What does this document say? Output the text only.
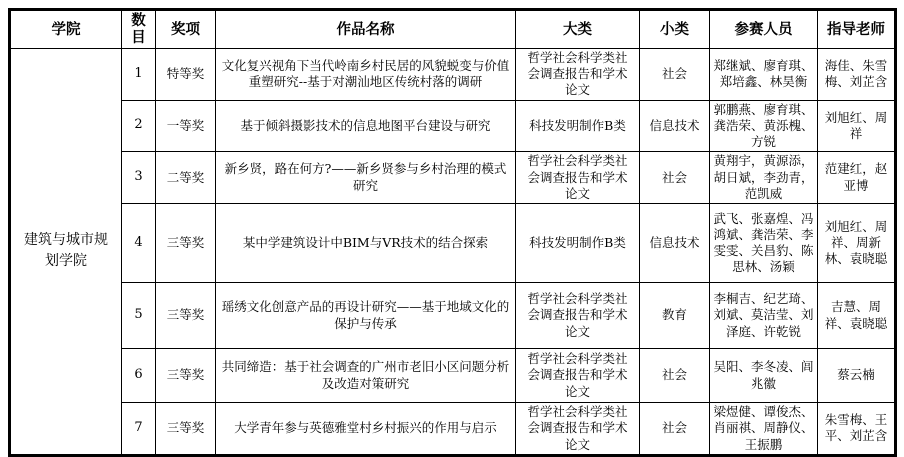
学院	数目	奖项	作品名称	大类	小类	参赛人员	指导老师
建筑与城市规划学院	1	特等奖	文化复兴视角下当代岭南乡村民居的风貌蜕变与价值重塑研究--基于对潮汕地区传统村落的调研	哲学社会科学类社会调查报告和学术论文	社会	郑继斌、廖育琪、郑培鑫、林昊衡	海佳、朱雪梅、刘芷含
	2	一等奖	基于倾斜摄影技术的信息地图平台建设与研究	科技发明制作B类	信息技术	郭鹏燕、廖育琪、龚浩荣、黄泺槐、方锐	刘旭红、周祥
	3	二等奖	新乡贤，路在何方?——新乡贤参与乡村治理的模式研究	哲学社会科学类社会调查报告和学术论文	社会	黄翔宇，黄源添，胡日斌，李劲青，范凯威	范建红，赵亚博
	4	三等奖	某中学建筑设计中BIM与VR技术的结合探索	科技发明制作B类	信息技术	武飞、张嘉煌、冯鸿斌、龚浩荣、李雯雯、关昌豹、陈思林、汤颖	刘旭红、周祥、周新林、袁晓聪
	5	三等奖	瑶绣文化创意产品的再设计研究——基于地域文化的保护与传承	哲学社会科学类社会调查报告和学术论文	教育	李桐吉、纪艺琦、刘斌、莫洁莹、刘泽庭、许乾锐	吉慧、周祥、袁晓聪
	6	三等奖	共同缔造：基于社会调查的广州市老旧小区问题分析及改造对策研究	哲学社会科学类社会调查报告和学术论文	社会	吴阳、李冬凌、闾兆徽	蔡云楠
	7	三等奖	大学青年参与英德雅堂村乡村振兴的作用与启示	哲学社会科学类社会调查报告和学术论文	社会	梁煜健、谭俊杰、肖丽祺、周静仪、王振鹏	朱雪梅、王平、刘芷含
